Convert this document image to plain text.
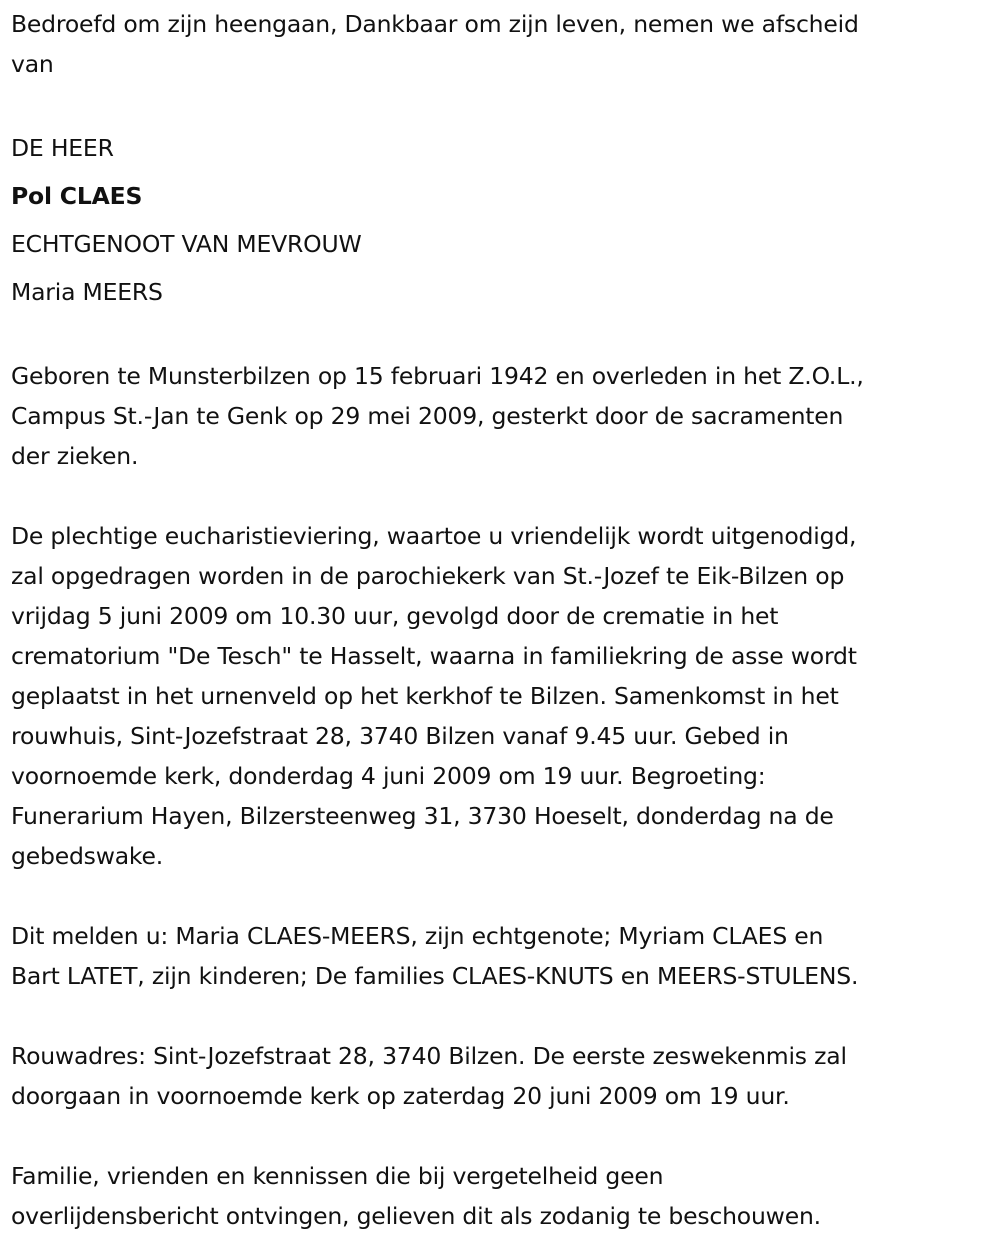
Bedroefd om zijn heengaan, Dankbaar om zijn leven, nemen we afscheid
van

DE HEER
Pol CLAES
ECHTGENOOT VAN MEVROUW
Maria MEERS

Geboren te Munsterbilzen op 15 februari 1942 en overleden in het Z.O.L.,
Campus St.-Jan te Genk op 29 mei 2009, gesterkt door de sacramenten
der zieken.

De plechtige eucharistieviering, waartoe u vriendelijk wordt uitgenodigd,
zal opgedragen worden in de parochiekerk van St.-Jozef te Eik-Bilzen op
vrijdag 5 juni 2009 om 10.30 uur, gevolgd door de crematie in het
crematorium "De Tesch" te Hasselt, waarna in familiekring de asse wordt
geplaatst in het urnenveld op het kerkhof te Bilzen. Samenkomst in het
rouwhuis, Sint-Jozefstraat 28, 3740 Bilzen vanaf 9.45 uur. Gebed in
voornoemde kerk, donderdag 4 juni 2009 om 19 uur. Begroeting:
Funerarium Hayen, Bilzersteenweg 31, 3730 Hoeselt, donderdag na de
gebedswake.

Dit melden u: Maria CLAES-MEERS, zijn echtgenote; Myriam CLAES en
Bart LATET, zijn kinderen; De families CLAES-KNUTS en MEERS-STULENS.

Rouwadres: Sint-Jozefstraat 28, 3740 Bilzen. De eerste zeswekenmis zal
doorgaan in voornoemde kerk op zaterdag 20 juni 2009 om 19 uur.

Familie, vrienden en kennissen die bij vergetelheid geen
overlijdensbericht ontvingen, gelieven dit als zodanig te beschouwen.
